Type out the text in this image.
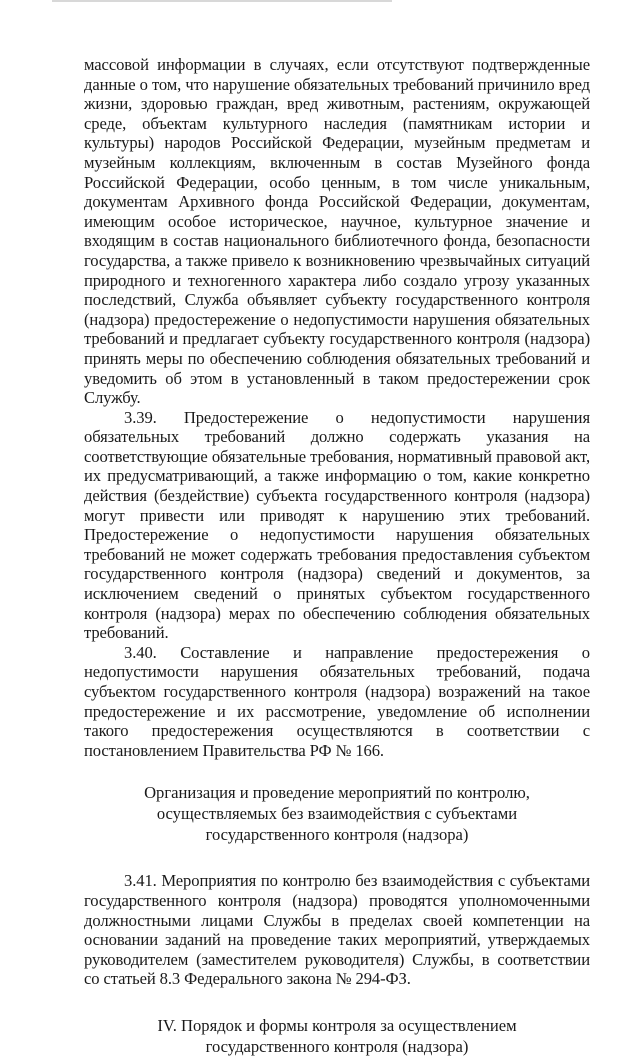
массовой информации в случаях, если отсутствуют подтвержденные данные о том, что нарушение обязательных требований причинило вред жизни, здоровью граждан, вред животным, растениям, окружающей среде, объектам культурного наследия (памятникам истории и культуры) народов Российской Федерации, музейным предметам и музейным коллекциям, включенным в состав Музейного фонда Российской Федерации, особо ценным, в том числе уникальным, документам Архивного фонда Российской Федерации, документам, имеющим особое историческое, научное, культурное значение и входящим в состав национального библиотечного фонда, безопасности государства, а также привело к возникновению чрезвычайных ситуаций природного и техногенного характера либо создало угрозу указанных последствий, Служба объявляет субъекту государственного контроля (надзора) предостережение о недопустимости нарушения обязательных требований и предлагает субъекту государственного контроля (надзора) принять меры по обеспечению соблюдения обязательных требований и уведомить об этом в установленный в таком предостережении срок Службу.

3.39. Предостережение о недопустимости нарушения обязательных требований должно содержать указания на соответствующие обязательные требования, нормативный правовой акт, их предусматривающий, а также информацию о том, какие конкретно действия (бездействие) субъекта государственного контроля (надзора) могут привести или приводят к нарушению этих требований. Предостережение о недопустимости нарушения обязательных требований не может содержать требования предоставления субъектом государственного контроля (надзора) сведений и документов, за исключением сведений о принятых субъектом государственного контроля (надзора) мерах по обеспечению соблюдения обязательных требований.

3.40. Составление и направление предостережения о недопустимости нарушения обязательных требований, подача субъектом государственного контроля (надзора) возражений на такое предостережение и их рассмотрение, уведомление об исполнении такого предостережения осуществляются в соответствии с постановлением Правительства РФ № 166.

Организация и проведение мероприятий по контролю,

осуществляемых без взаимодействия с субъектами

государственного контроля (надзора)

3.41. Мероприятия по контролю без взаимодействия с субъектами государственного контроля (надзора) проводятся уполномоченными должностными лицами Службы в пределах своей компетенции на основании заданий на проведение таких мероприятий, утверждаемых руководителем (заместителем руководителя) Службы, в соответствии со статьей 8.3 Федерального закона № 294-ФЗ.

IV. Порядок и формы контроля за осуществлением

государственного контроля (надзора)
